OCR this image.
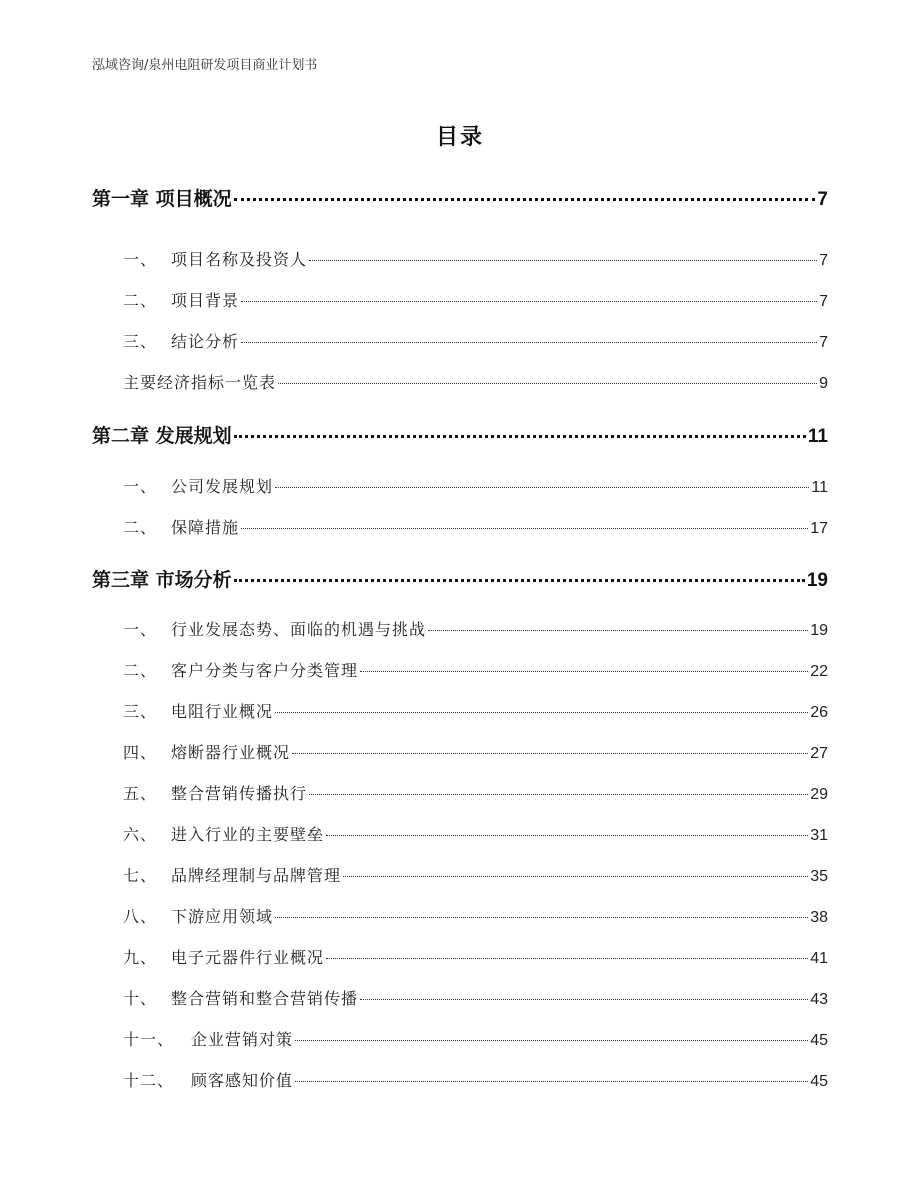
泓域咨询/泉州电阻研发项目商业计划书
目录
第一章 项目概况	7
一、 项目名称及投资人	7
二、 项目背景	7
三、 结论分析	7
主要经济指标一览表	9
第二章 发展规划	11
一、 公司发展规划	11
二、 保障措施	17
第三章 市场分析	19
一、 行业发展态势、面临的机遇与挑战	19
二、 客户分类与客户分类管理	22
三、 电阻行业概况	26
四、 熔断器行业概况	27
五、 整合营销传播执行	29
六、 进入行业的主要壁垒	31
七、 品牌经理制与品牌管理	35
八、 下游应用领域	38
九、 电子元器件行业概况	41
十、 整合营销和整合营销传播	43
十一、 企业营销对策	45
十二、 顾客感知价值	45
